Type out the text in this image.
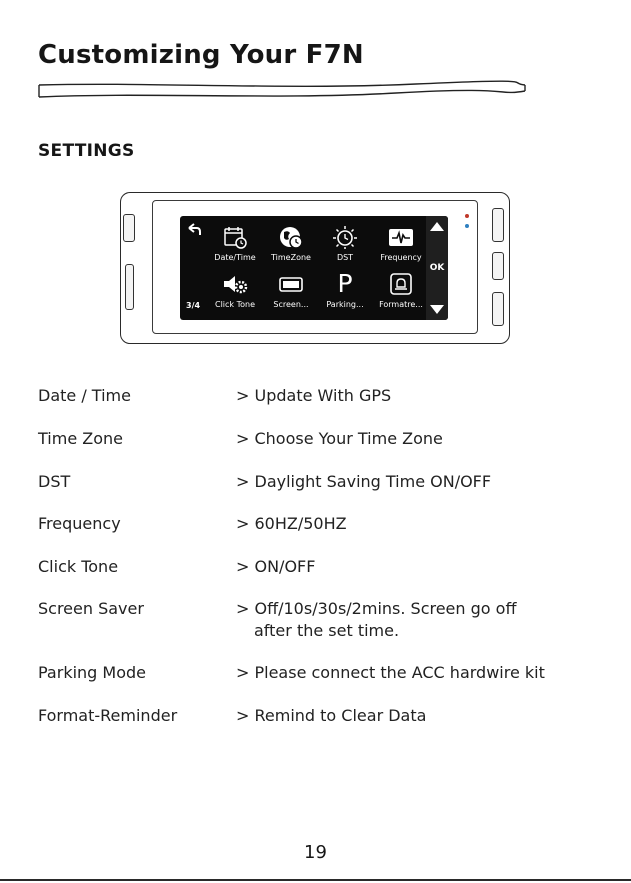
Customizing Your F7N
SETTINGS
Date/Time	TimeZone	DST	Frequency
Click Tone	Screen...
P
Parking...	Formatre...
3/4
OK
Date / Time	> Update With GPS
Time Zone	> Choose Your Time Zone
DST	> Daylight Saving Time ON/OFF
Frequency	> 60HZ/50HZ
Click Tone	> ON/OFF
Screen Saver	> Off/10s/30s/2mins. Screen go off
after the set time.
Parking Mode	> Please connect the ACC hardwire kit
Format-Reminder	> Remind to Clear Data
19
